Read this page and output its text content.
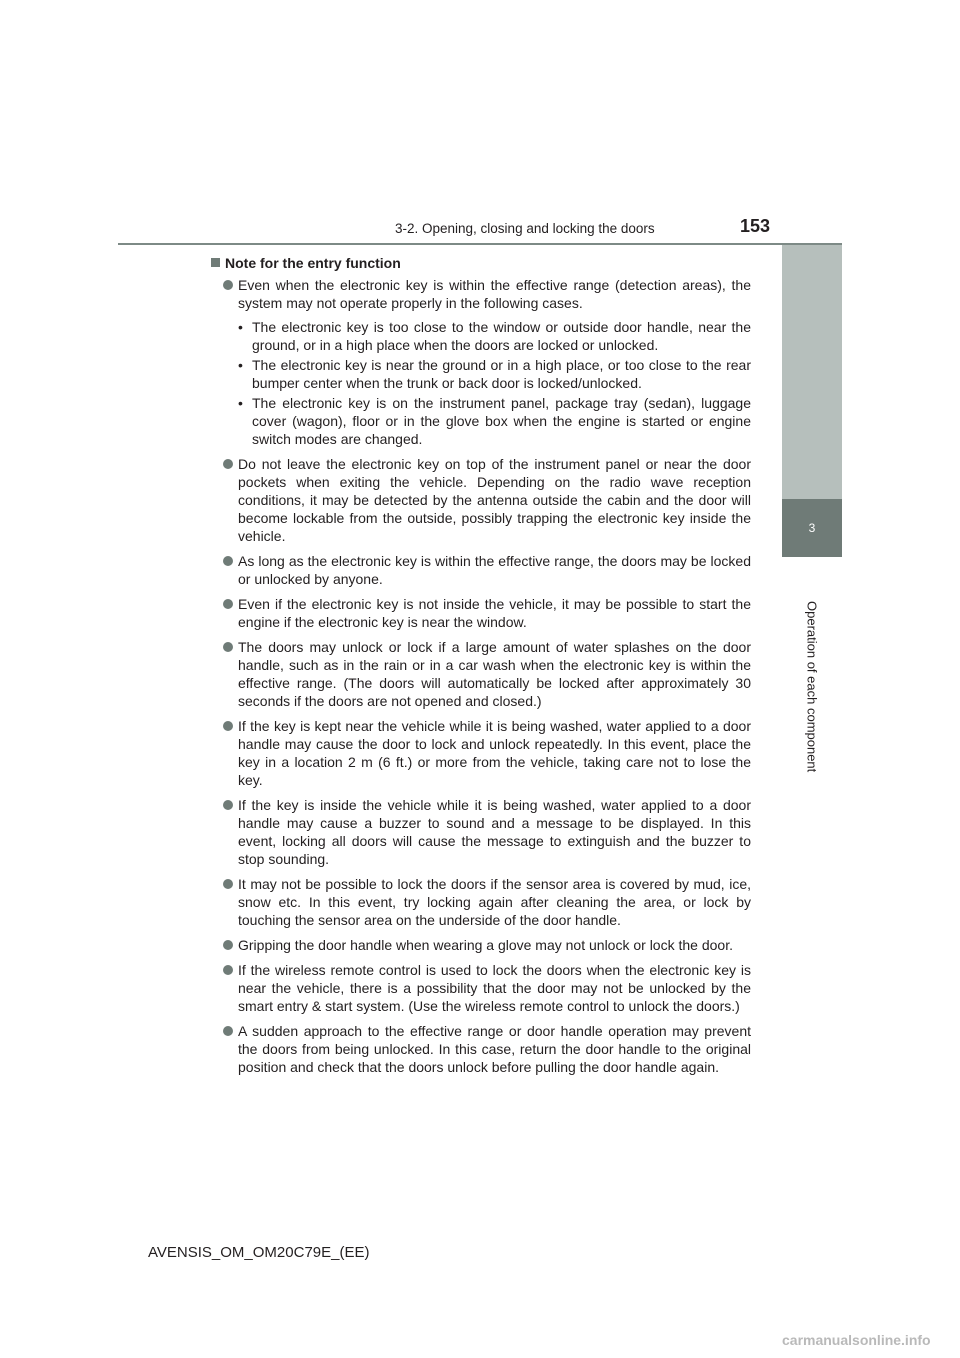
3-2. Opening, closing and locking the doors	153
3
Operation of each component
Note for the entry function
Even when the electronic key is within the effective range (detection areas), the system may not operate properly in the following cases.
• The electronic key is too close to the window or outside door handle, near the ground, or in a high place when the doors are locked or unlocked.
• The electronic key is near the ground or in a high place, or too close to the rear bumper center when the trunk or back door is locked/unlocked.
• The electronic key is on the instrument panel, package tray (sedan), luggage cover (wagon), floor or in the glove box when the engine is started or engine switch modes are changed.
Do not leave the electronic key on top of the instrument panel or near the door pockets when exiting the vehicle. Depending on the radio wave reception conditions, it may be detected by the antenna outside the cabin and the door will become lockable from the outside, possibly trapping the electronic key inside the vehicle.
As long as the electronic key is within the effective range, the doors may be locked or unlocked by anyone.
Even if the electronic key is not inside the vehicle, it may be possible to start the engine if the electronic key is near the window.
The doors may unlock or lock if a large amount of water splashes on the door handle, such as in the rain or in a car wash when the electronic key is within the effective range. (The doors will automatically be locked after approximately 30 seconds if the doors are not opened and closed.)
If the key is kept near the vehicle while it is being washed, water applied to a door handle may cause the door to lock and unlock repeatedly. In this event, place the key in a location 2 m (6 ft.) or more from the vehicle, taking care not to lose the key.
If the key is inside the vehicle while it is being washed, water applied to a door handle may cause a buzzer to sound and a message to be displayed. In this event, locking all doors will cause the message to extinguish and the buzzer to stop sounding.
It may not be possible to lock the doors if the sensor area is covered by mud, ice, snow etc. In this event, try locking again after cleaning the area, or lock by touching the sensor area on the underside of the door handle.
Gripping the door handle when wearing a glove may not unlock or lock the door.
If the wireless remote control is used to lock the doors when the electronic key is near the vehicle, there is a possibility that the door may not be unlocked by the smart entry & start system. (Use the wireless remote control to unlock the doors.)
A sudden approach to the effective range or door handle operation may prevent the doors from being unlocked. In this case, return the door handle to the original position and check that the doors unlock before pulling the door handle again.
AVENSIS_OM_OM20C79E_(EE)
carmanualsonline.info
